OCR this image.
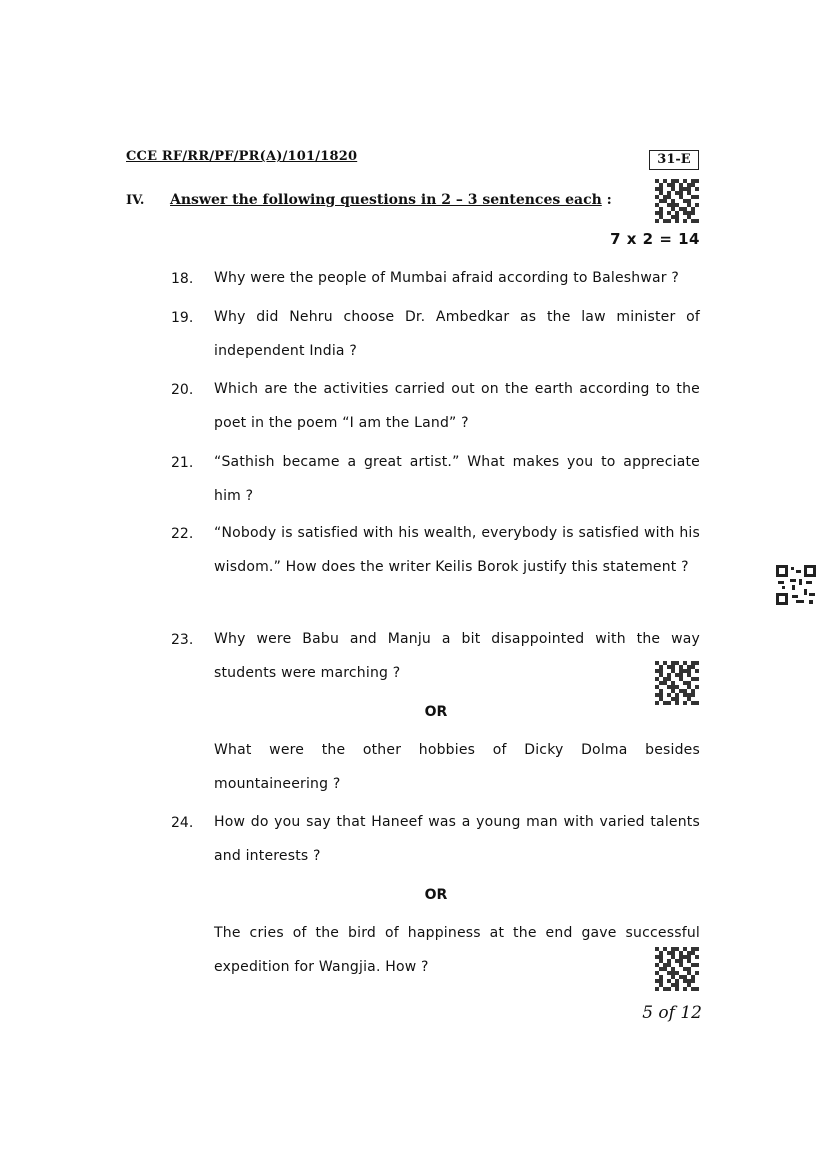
CCE RF/RR/PF/PR(A)/101/1820	31-E
IV. Answer the following questions in 2 – 3 sentences each :
7 x 2 = 14
18.	Why were the people of Mumbai afraid according to Baleshwar ?
19.	Why did Nehru choose Dr. Ambedkar as the law minister of independent India ?
20.	Which are the activities carried out on the earth according to the poet in the poem “I am the Land” ?
21.	“Sathish became a great artist.” What makes you to appreciate him ?
22.	“Nobody is satisfied with his wealth, everybody is satisfied with his wisdom.” How does the writer Keilis Borok justify this statement ?
23.	Why were Babu and Manju a bit disappointed with the way students were marching ?
OR
What were the other hobbies of Dicky Dolma besides mountaineering ?
24.	How do you say that Haneef was a young man with varied talents and interests ?
OR
The cries of the bird of happiness at the end gave successful expedition for Wangjia. How ?
5 of 12
